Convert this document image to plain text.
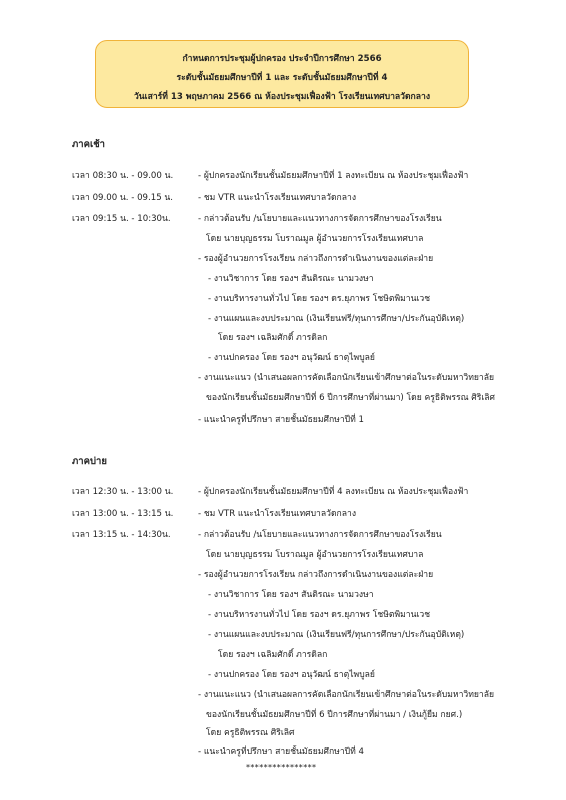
กำหนดการประชุมผู้ปกครอง ประจำปีการศึกษา 2566
ระดับชั้นมัธยมศึกษาปีที่ 1 และ ระดับชั้นมัธยมศึกษาปีที่ 4
วันเสาร์ที่ 13 พฤษภาคม 2566 ณ ห้องประชุมเฟื่องฟ้า โรงเรียนเทศบาลวัดกลาง
ภาคเช้า
เวลา 08:30 น. - 09.00 น.	- ผู้ปกครองนักเรียนชั้นมัธยมศึกษาปีที่ 1 ลงทะเบียน ณ ห้องประชุมเฟื่องฟ้า
เวลา 09.00 น. - 09.15 น.	- ชม VTR แนะนำโรงเรียนเทศบาลวัดกลาง
เวลา 09:15 น. - 10:30น.	- กล่าวต้อนรับ /นโยบายและแนวทางการจัดการศึกษาของโรงเรียน
โดย นายบุญธรรม โบราณมูล ผู้อำนวยการโรงเรียนเทศบาล
- รองผู้อำนวยการโรงเรียน กล่าวถึงการดำเนินงานของแต่ละฝ่าย
- งานวิชาการ โดย รองฯ สันติรณะ นามวงษา
- งานบริหารงานทั่วไป โดย รองฯ ดร.ยุภาพร โชษิตพิมานเวช
- งานแผนและงบประมาณ (เงินเรียนฟรี/ทุนการศึกษา/ประกันอุบัติเหตุ)
โดย รองฯ เฉลิมศักดิ์ ภารดิลก
- งานปกครอง โดย รองฯ อนุวัฒน์ ธาตุไพบูลย์
- งานแนะแนว (นำเสนอผลการคัดเลือกนักเรียนเข้าศึกษาต่อในระดับมหาวิทยาลัย
ของนักเรียนชั้นมัธยมศึกษาปีที่ 6 ปีการศึกษาที่ผ่านมา) โดย ครูธิติพรรณ ศิริเลิศ
- แนะนำครูที่ปรึกษา สายชั้นมัธยมศึกษาปีที่ 1
ภาคบ่าย
เวลา 12:30 น. - 13:00 น.	- ผู้ปกครองนักเรียนชั้นมัธยมศึกษาปีที่ 4 ลงทะเบียน ณ ห้องประชุมเฟื่องฟ้า
เวลา 13:00 น. - 13:15 น.	- ชม VTR แนะนำโรงเรียนเทศบาลวัดกลาง
เวลา 13:15 น. - 14:30น.	- กล่าวต้อนรับ /นโยบายและแนวทางการจัดการศึกษาของโรงเรียน
โดย นายบุญธรรม โบราณมูล ผู้อำนวยการโรงเรียนเทศบาล
- รองผู้อำนวยการโรงเรียน กล่าวถึงการดำเนินงานของแต่ละฝ่าย
- งานวิชาการ โดย รองฯ สันติรณะ นามวงษา
- งานบริหารงานทั่วไป โดย รองฯ ดร.ยุภาพร โชษิตพิมานเวช
- งานแผนและงบประมาณ (เงินเรียนฟรี/ทุนการศึกษา/ประกันอุบัติเหตุ)
โดย รองฯ เฉลิมศักดิ์ ภารดิลก
- งานปกครอง โดย รองฯ อนุวัฒน์ ธาตุไพบูลย์
- งานแนะแนว (นำเสนอผลการคัดเลือกนักเรียนเข้าศึกษาต่อในระดับมหาวิทยาลัย
ของนักเรียนชั้นมัธยมศึกษาปีที่ 6 ปีการศึกษาที่ผ่านมา / เงินกู้ยืม กยศ.)
โดย ครูธิติพรรณ ศิริเลิศ
- แนะนำครูที่ปรึกษา สายชั้นมัธยมศึกษาปีที่ 4
****************
